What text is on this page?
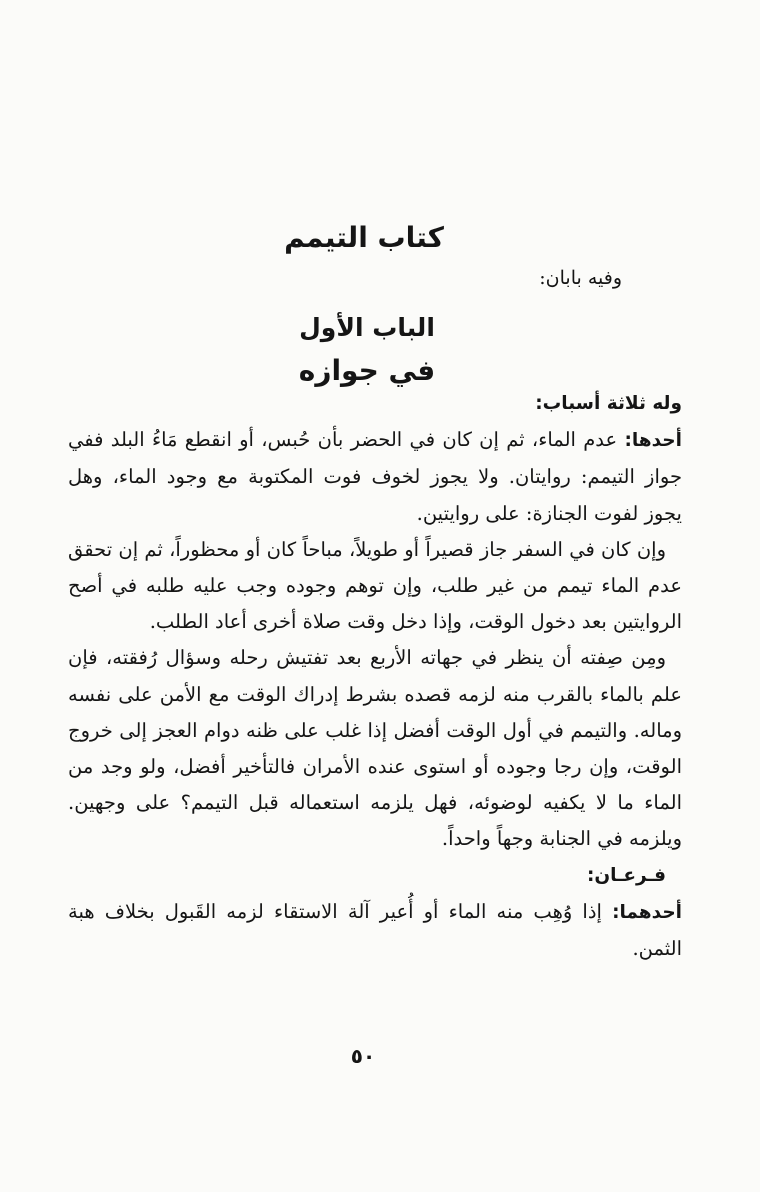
كتاب التيمم

وفيه بابان:

الباب الأول
في جوازه

وله ثلاثة أسباب:

أحدها: عدم الماء، ثم إن كان في الحضر بأن حُبس، أو انقطع مَاءُ البلد ففي جواز التيمم: روايتان. ولا يجوز لخوف فوت المكتوبة مع وجود الماء، وهل يجوز لفوت الجنازة: على روايتين.

وإن كان في السفر جاز قصيراً أو طويلاً، مباحاً كان أو محظوراً، ثم إن تحقق عدم الماء تيمم من غير طلب، وإن توهم وجوده وجب عليه طلبه في أصح الروايتين بعد دخول الوقت، وإذا دخل وقت صلاة أخرى أعاد الطلب.

ومِن صِفته أن ينظر في جهاته الأربع بعد تفتيش رحله وسؤال رُفقته، فإن علم بالماء بالقرب منه لزمه قصده بشرط إدراك الوقت مع الأمن على نفسه وماله. والتيمم في أول الوقت أفضل إذا غلب على ظنه دوام العجز إلى خروج الوقت، وإن رجا وجوده أو استوى عنده الأمران فالتأخير أفضل، ولو وجد من الماء ما لا يكفيه لوضوئه، فهل يلزمه استعماله قبل التيمم؟ على وجهين. ويلزمه في الجنابة وجهاً واحداً.

فـرعـان:

أحدهما: إذا وُهِب منه الماء أو أُعير آلة الاستقاء لزمه القَبول بخلاف هبة الثمن.

٥٠
